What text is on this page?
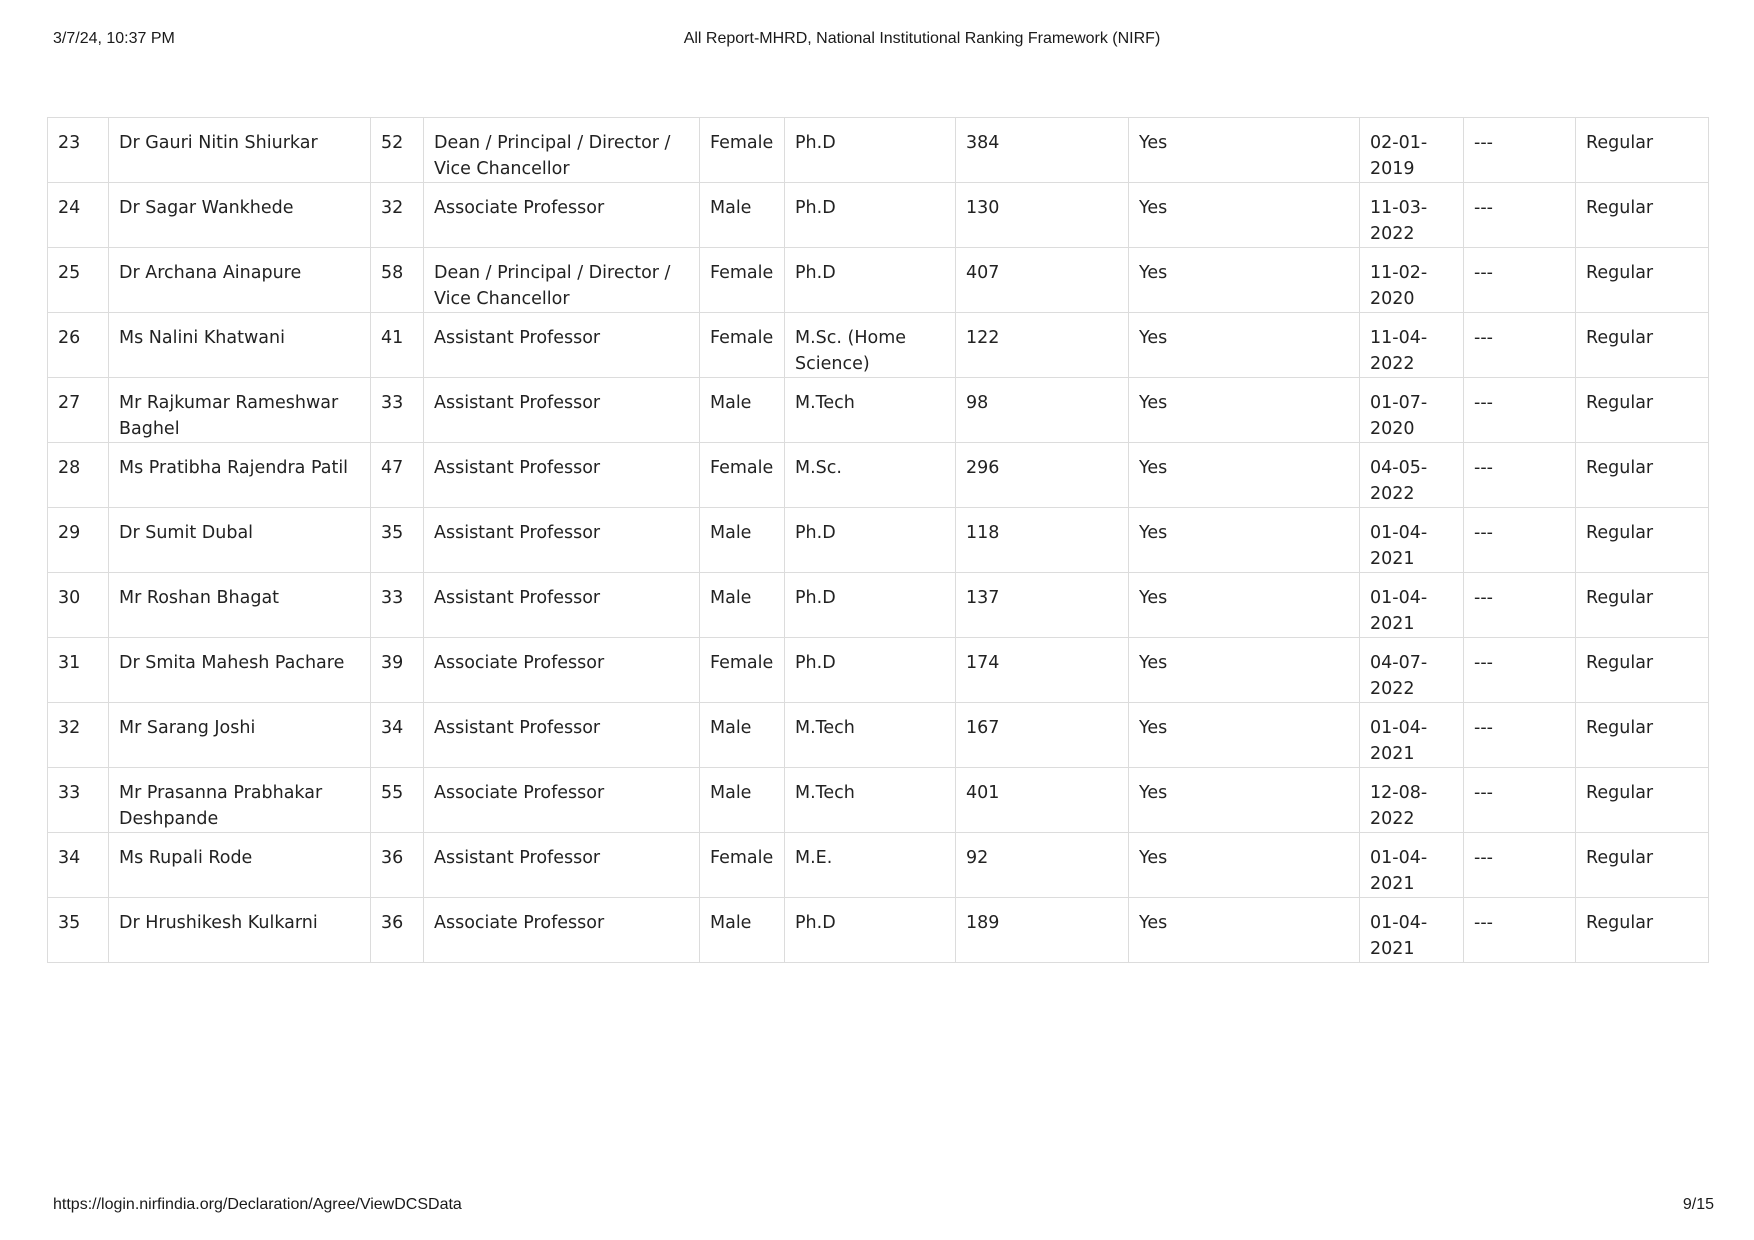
3/7/24, 10:37 PM	All Report-MHRD, National Institutional Ranking Framework (NIRF)
23	Dr Gauri Nitin Shiurkar	52	Dean / Principal / Director / Vice Chancellor	Female	Ph.D	384	Yes	02-01-2019	---	Regular
24	Dr Sagar Wankhede	32	Associate Professor	Male	Ph.D	130	Yes	11-03-2022	---	Regular
25	Dr Archana Ainapure	58	Dean / Principal / Director / Vice Chancellor	Female	Ph.D	407	Yes	11-02-2020	---	Regular
26	Ms Nalini Khatwani	41	Assistant Professor	Female	M.Sc. (Home Science)	122	Yes	11-04-2022	---	Regular
27	Mr Rajkumar Rameshwar Baghel	33	Assistant Professor	Male	M.Tech	98	Yes	01-07-2020	---	Regular
28	Ms Pratibha Rajendra Patil	47	Assistant Professor	Female	M.Sc.	296	Yes	04-05-2022	---	Regular
29	Dr Sumit Dubal	35	Assistant Professor	Male	Ph.D	118	Yes	01-04-2021	---	Regular
30	Mr Roshan Bhagat	33	Assistant Professor	Male	Ph.D	137	Yes	01-04-2021	---	Regular
31	Dr Smita Mahesh Pachare	39	Associate Professor	Female	Ph.D	174	Yes	04-07-2022	---	Regular
32	Mr Sarang Joshi	34	Assistant Professor	Male	M.Tech	167	Yes	01-04-2021	---	Regular
33	Mr Prasanna Prabhakar Deshpande	55	Associate Professor	Male	M.Tech	401	Yes	12-08-2022	---	Regular
34	Ms Rupali Rode	36	Assistant Professor	Female	M.E.	92	Yes	01-04-2021	---	Regular
35	Dr Hrushikesh Kulkarni	36	Associate Professor	Male	Ph.D	189	Yes	01-04-2021	---	Regular
https://login.nirfindia.org/Declaration/Agree/ViewDCSData	9/15
